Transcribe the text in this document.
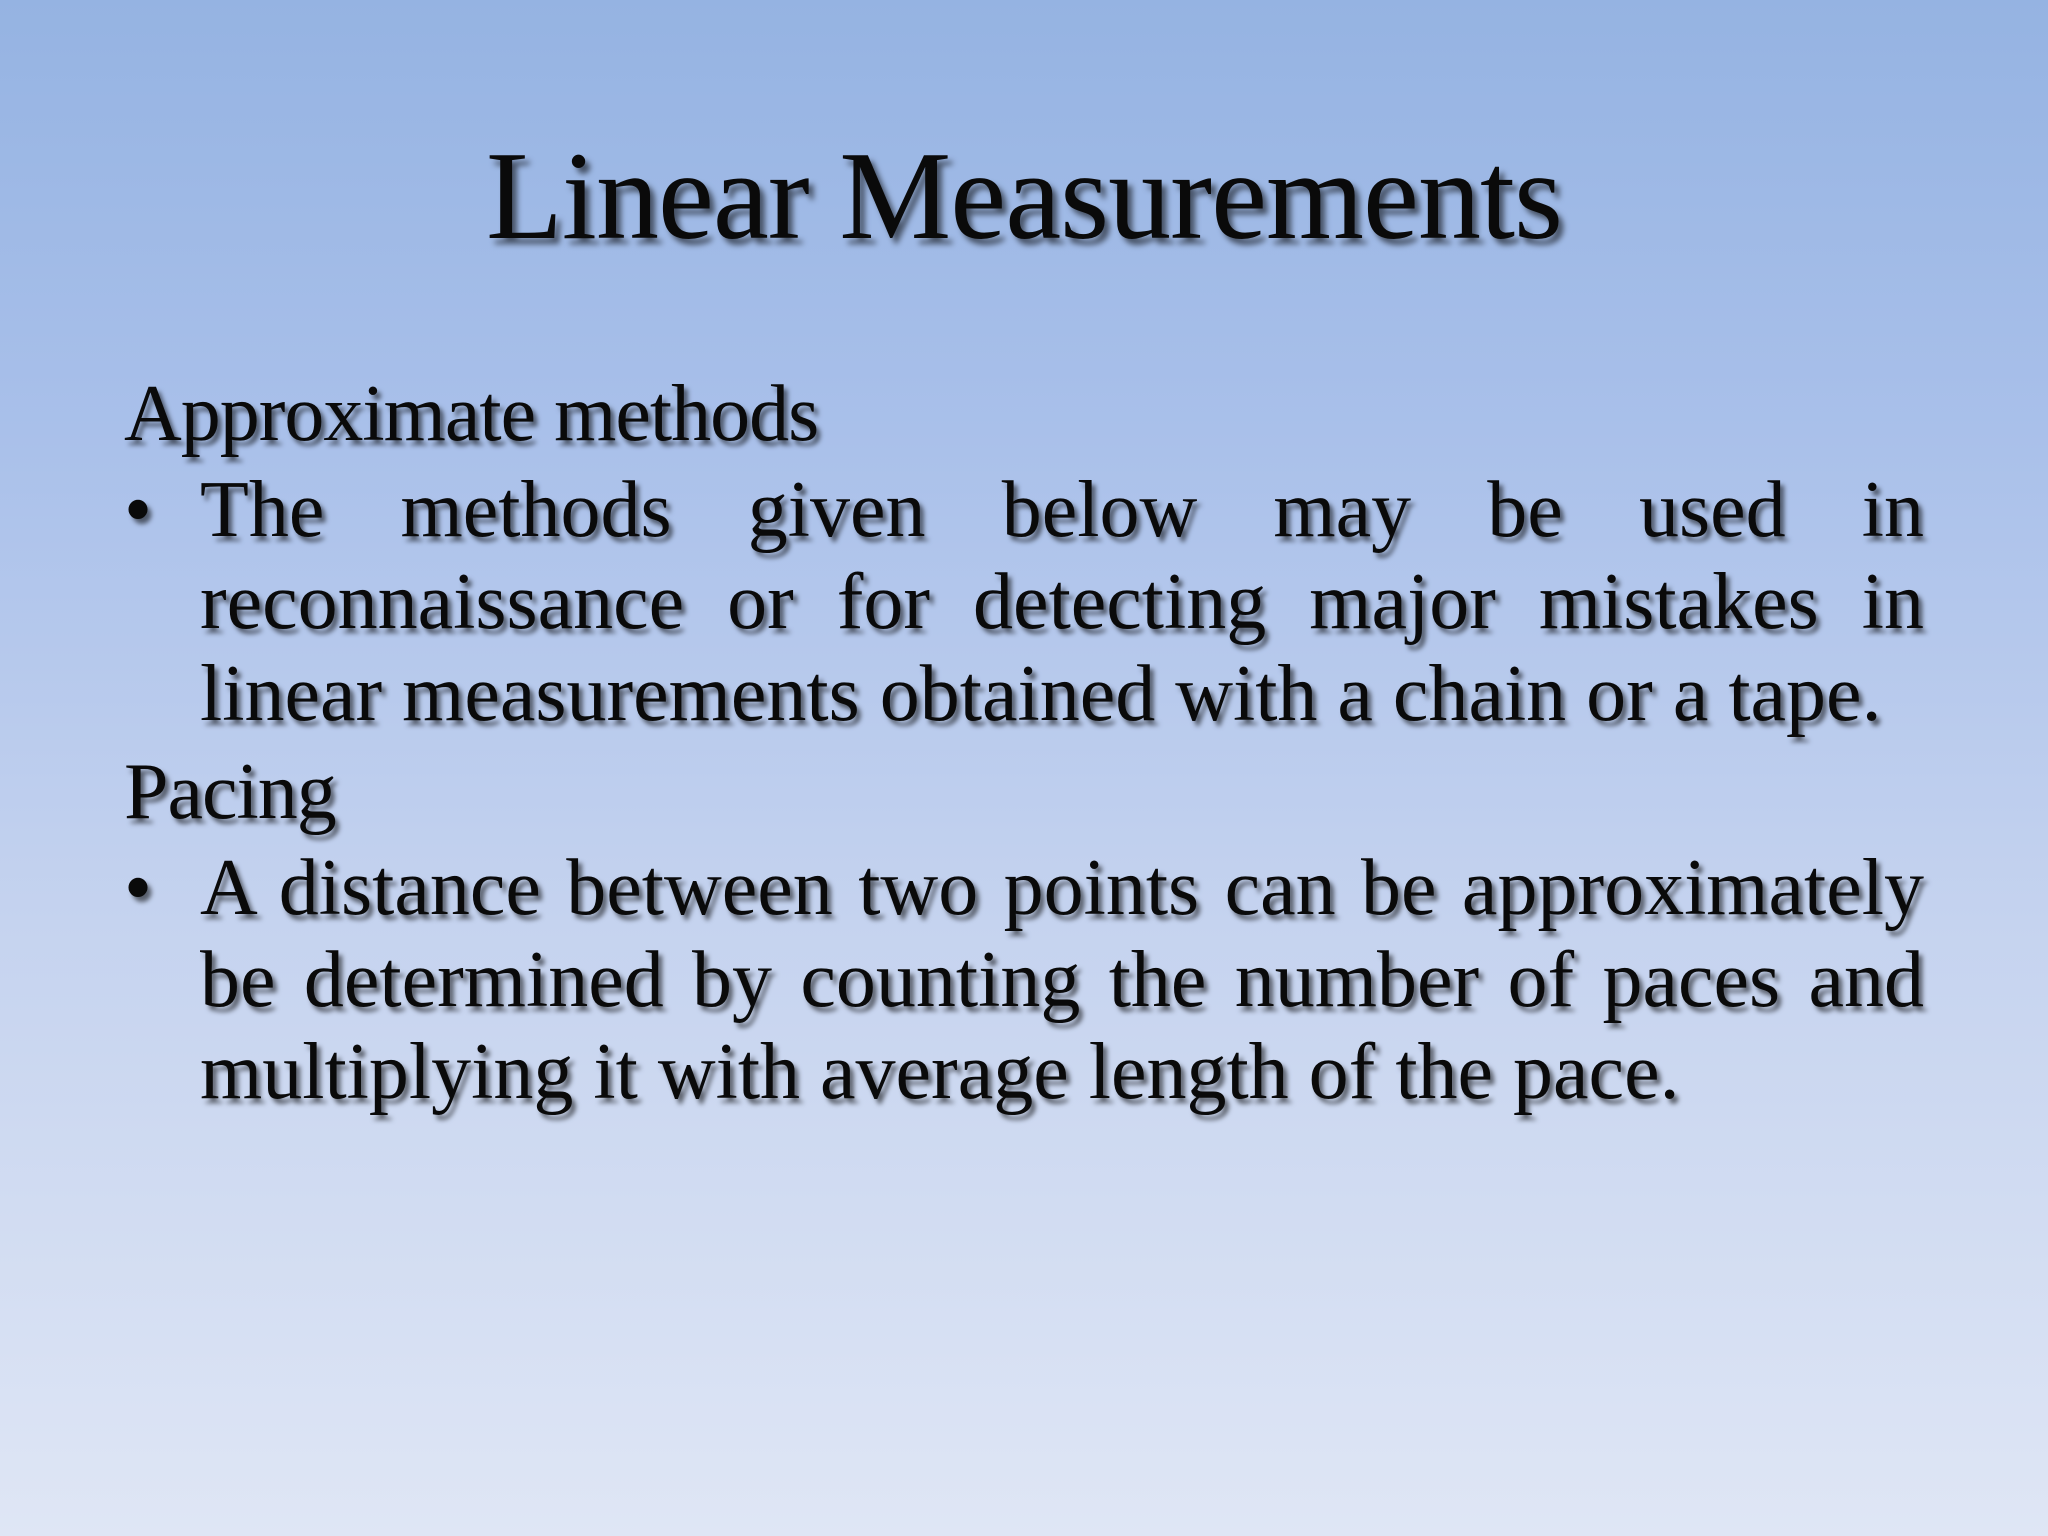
Linear Measurements

Approximate methods

• The methods given below may be used in reconnaissance or for detecting major mistakes in linear measurements obtained with a chain or a tape.

Pacing

• A distance between two points can be approximately be determined by counting the number of paces and multiplying it with average length of the pace.
